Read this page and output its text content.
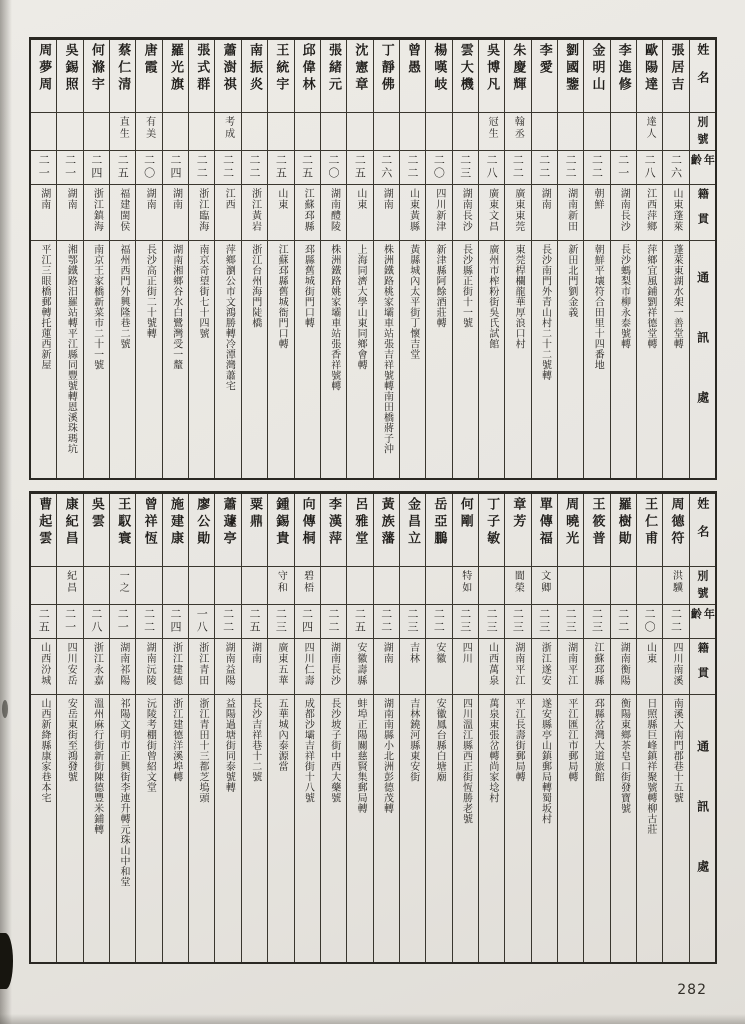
姓名
別號
年齡
籍貫
通訊處
張居吉
二六
山東蓬萊
蓬萊東湖水架一善堂轉
歐陽達
達人
二八
江西萍鄉
萍鄉宜風鋪劉祥德堂轉
李進修
二一
湖南長沙
長沙螞梨市柳永泰號轉
金明山
二二
朝鮮
朝鮮平壤符合田里十四番地
劉國鑒
二二
湖南新田
新田北門劉金義
李愛
二二
湖南
長沙南門外青山村二十二號轉
朱慶輝
翰丞
二二
廣東東莞
東莞桿欄龍華厚浪口村
吳博凡
冠生
二八
廣東文昌
廣州市榨粉街吳氏試館
雲大機
二三
湖南長沙
長沙縣正街十一號
楊嘆岐
二〇
四川新津
新津縣阿餘酒莊轉
曾愚
二二
山東黃縣
黃縣城內太平街丁懷吉堂
丁靜佛
二六
湖南
株洲鐵路桃家壩車站張吉祥號轉南田橋蔣子沖
沈憲章
二五
山東
上海同濟大學山東同鄉會轉
張緒元
二〇
湖南醴陵
株洲鐵路姚家壩車站張香祥號轉
邱偉林
二五
江蘇邳縣
邳縣舊城街門口轉
王統宇
二五
山東
江蘇邳縣舊城衙門口轉
南振炎
二二
浙江黃岩
浙江台州海門陡橋
蕭澍祺
考成
二二
江西
萍鄉瀏公市文鴻勝轉冷潭灣蕭宅
張式群
二二
浙江臨海
南京奇望街七十四號
羅光旗
二四
湖南
湖南湘鄉谷水白鷺灣受一釐
唐霞
有美
二〇
湖南
長沙高正街二十號轉
蔡仁清
直生
二五
福建閩侯
福州西門外興隆巷二號
何滌宇
二四
浙江鎮海
南京王家橋新菜市二十一號
吳錫照
二一
湖南
湘鄂鐵路汨羅站轉平江縣同豐號轉恩溪珠瑪坑
周夢周
二一
湖南
平江三眼橋郵轉托蓮西新屋
姓名
別號
年齡
籍貫
通訊處
周德符
洪驥
二二
四川南溪
南溪大南門郡巷十五號
王仁甫
二〇
山東
日照縣巨峰鎮祥聚號轉柳古莊
羅樹勛
二二
湖南衡陽
衡陽東鄉茶皂口街發寶號
王筱普
二三
江蘇邳縣
邳縣岔灣大道旅館
周曉光
二三
湖南平江
平江匯江市郵局轉
單傳福
文卿
二三
浙江遂安
遂安縣亭山鎮郵局轉蜀坂村
章芳
閬榮
二三
湖南平江
平江長壽街郵局轉
丁子敏
二三
山西萬泉
萬泉東張岔轉尚家埝村
何剛
特如
二三
四川
四川溫江縣西正街恆勝老號
岳亞鵬
二二
安徽
安徽鳳台縣白塘廟
金昌立
二三
吉林
吉林鐃河縣東安街
黃族藩
二二
湖南
湖南南縣小北洲彭德茂轉
呂雅堂
二五
安徽壽縣
蚌埠正陽關慈賢集郵局轉
李漢萍
二二
湖南長沙
長沙坡子街中西大藥號
向傳桐
碧梧
二四
四川仁壽
成都沙壩吉祥街十八號
鍾錫貴
守和
二三
廣東五華
五華城內泰源當
粟鼎
二五
湖南
長沙吉祥巷十二號
蕭蘧亭
二二
湖南益陽
益陽過塘街同泰號轉
廖公勛
一八
浙江青田
浙江青田十三都芝塢頭
施建康
二四
浙江建德
浙江建德洋溪埠轉
曾祥恆
二二
湖南沅陵
沅陵考棚街曾紹文堂
王馭寰
一之
二一
湖南祁陽
祁陽文明市正興街李連升轉元珠山中和堂
吳雲
二八
浙江永嘉
溫州麻行街新街陳德豐米鋪轉
康紀昌
紀昌
二一
四川安岳
安岳東街至鴻發號
曹起雲
二五
山西汾城
山西新絳縣康家巷本宅
282
